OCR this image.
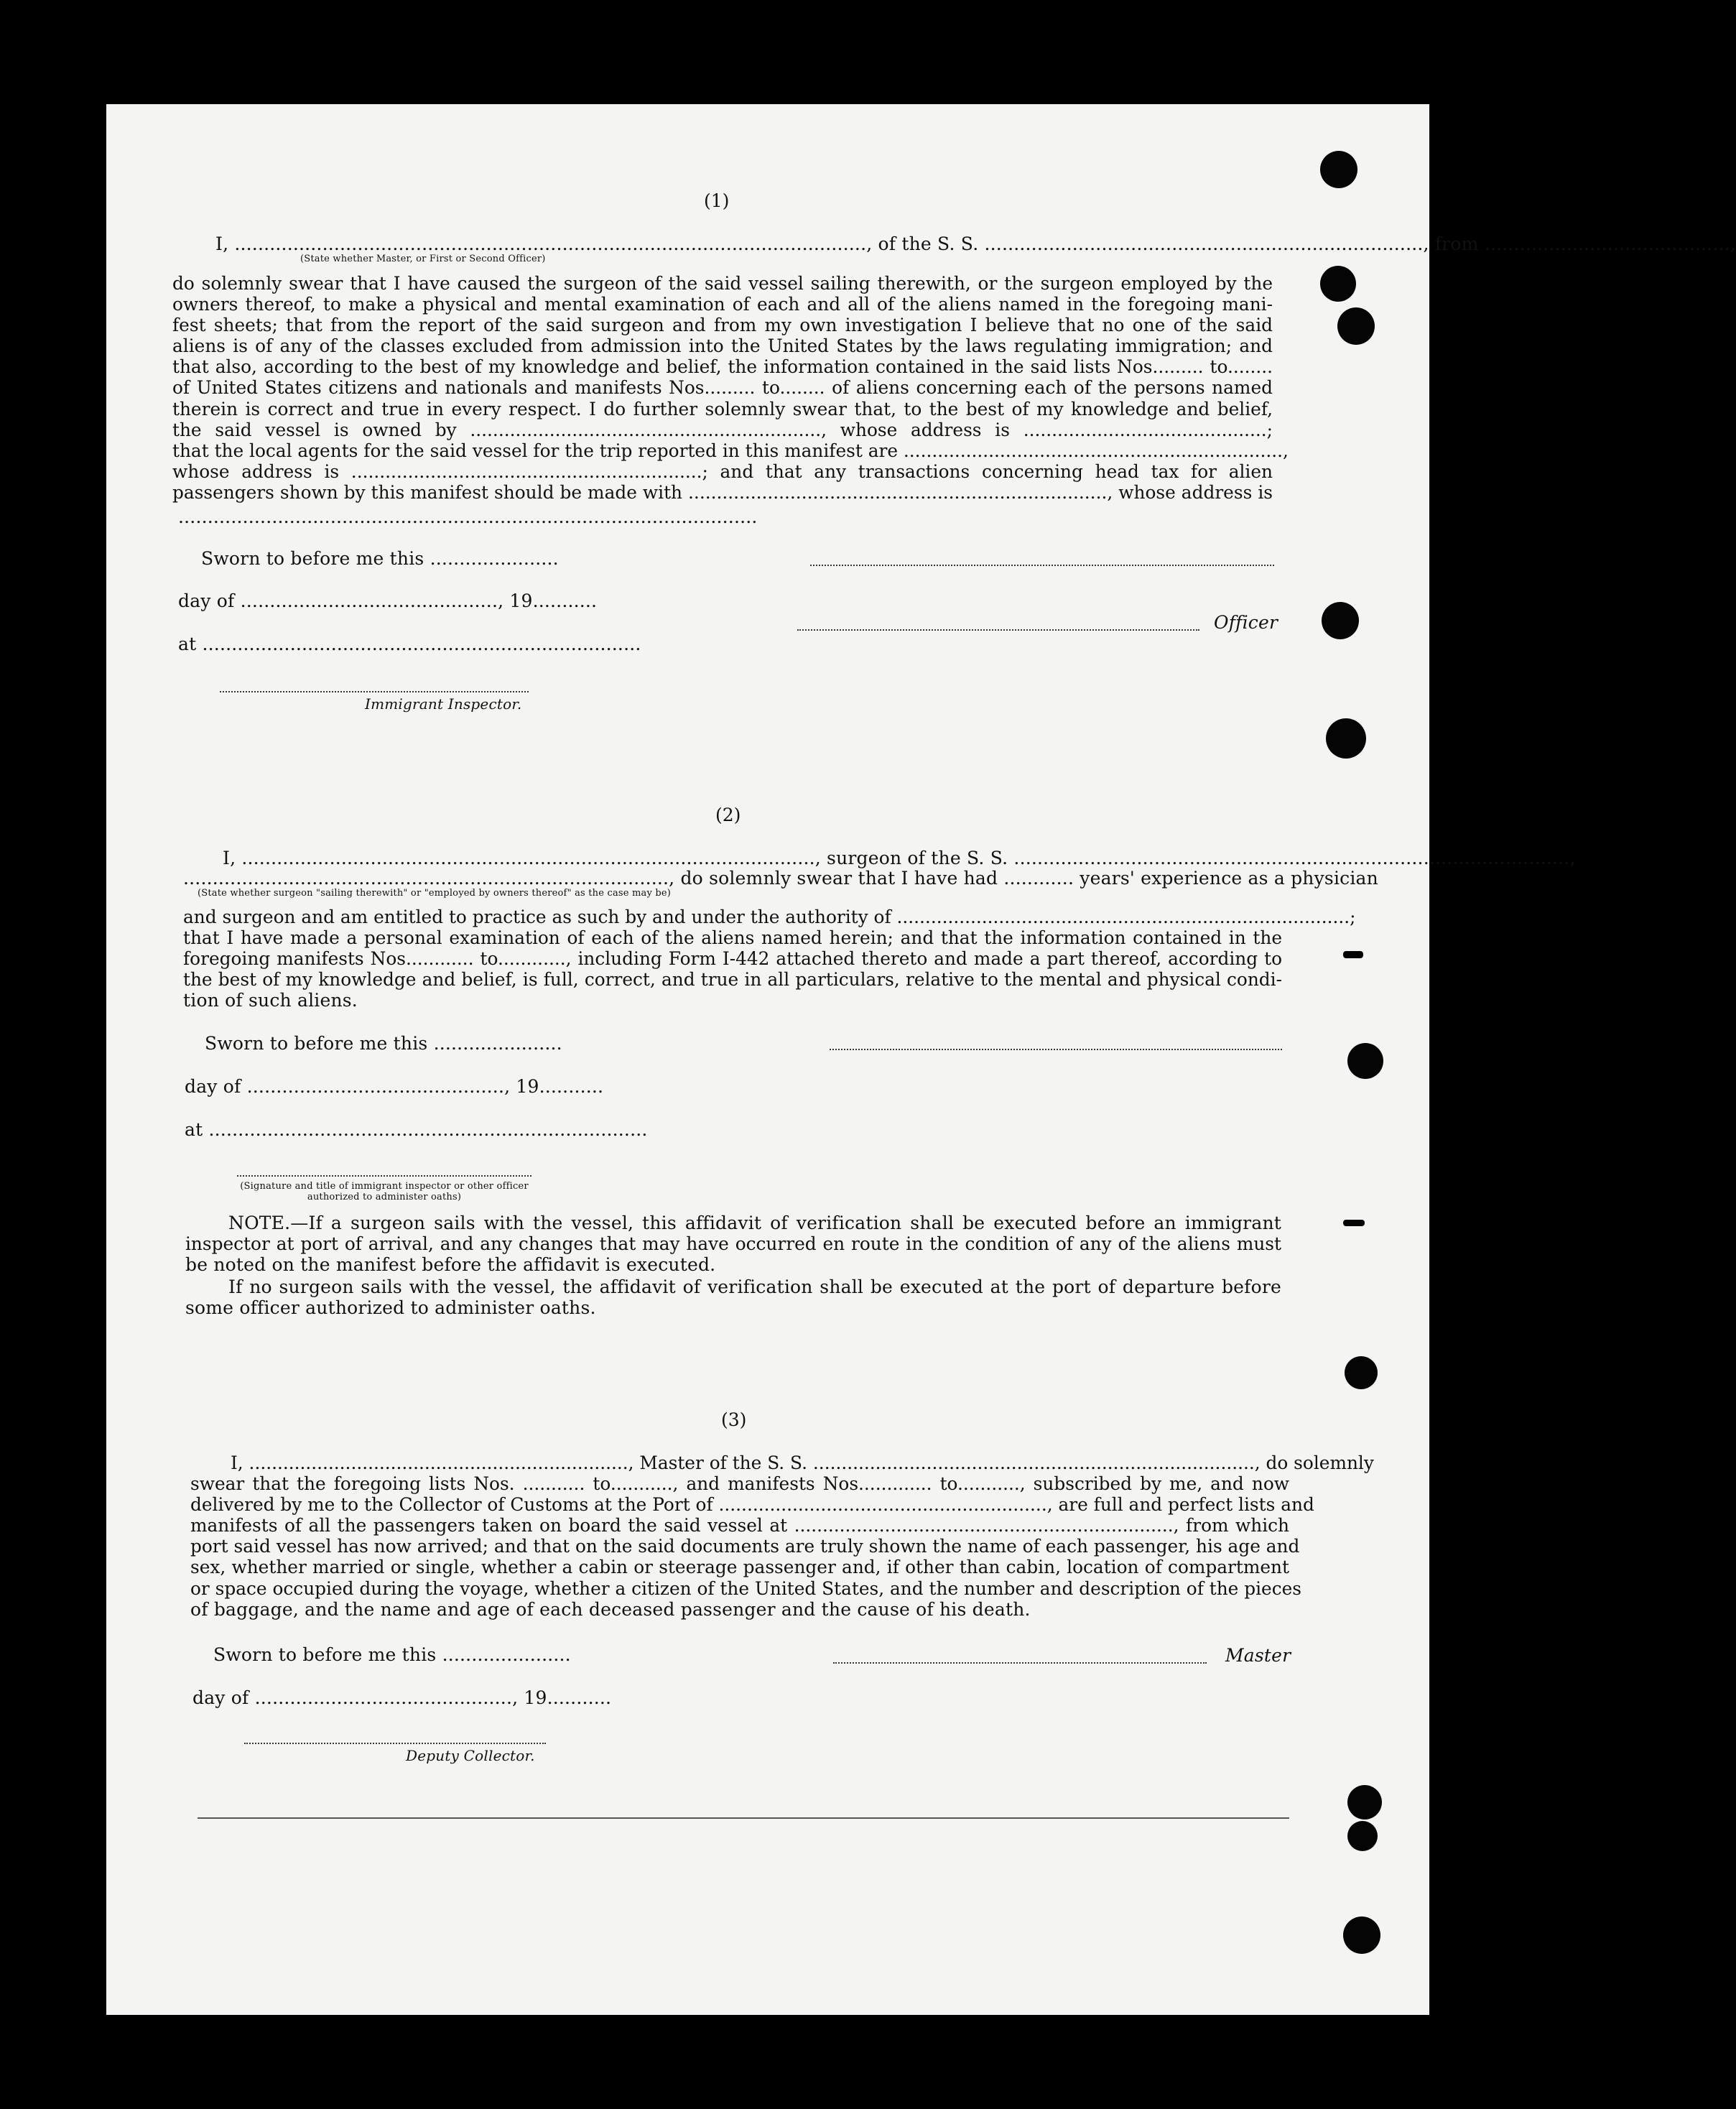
(1)
I, ............................................................................................................, of the S. S. ..........................................................................., from ..........................................,
(State whether Master, or First or Second Officer)
do solemnly swear that I have caused the surgeon of the said vessel sailing therewith, or the surgeon employed by the
owners thereof, to make a physical and mental examination of each and all of the aliens named in the foregoing mani-
fest sheets; that from the report of the said surgeon and from my own investigation I believe that no one of the said
aliens is of any of the classes excluded from admission into the United States by the laws regulating immigration; and
that also, according to the best of my knowledge and belief, the information contained in the said lists Nos......... to........
of United States citizens and nationals and manifests Nos......... to........ of aliens concerning each of the persons named
therein is correct and true in every respect. I do further solemnly swear that, to the best of my knowledge and belief,
the said vessel is owned by .............................................................., whose address is ...........................................;
that the local agents for the said vessel for the trip reported in this manifest are ...................................................................,
whose address is ..............................................................; and that any transactions concerning head tax for alien
passengers shown by this manifest should be made with .........................................................................., whose address is
...................................................................................................
Sworn to before me this ......................
day of ............................................, 19...........
Officer
at ...........................................................................
Immigrant Inspector.
(2)
I, .................................................................................................., surgeon of the S. S. ...............................................................................................,
..................................................................................., do solemnly swear that I have had ............ years' experience as a physician
(State whether surgeon "sailing therewith" or "employed by owners thereof" as the case may be)
and surgeon and am entitled to practice as such by and under the authority of ................................................................................;
that I have made a personal examination of each of the aliens named herein; and that the information contained in the
foregoing manifests Nos............ to............, including Form I-442 attached thereto and made a part thereof, according to
the best of my knowledge and belief, is full, correct, and true in all particulars, relative to the mental and physical condi-
tion of such aliens.
Sworn to before me this ......................
day of ............................................, 19...........
at ...........................................................................
(Signature and title of immigrant inspector or other officer authorized to administer oaths)
NOTE.—If a surgeon sails with the vessel, this affidavit of verification shall be executed before an immigrant
inspector at port of arrival, and any changes that may have occurred en route in the condition of any of the aliens must
be noted on the manifest before the affidavit is executed.
If no surgeon sails with the vessel, the affidavit of verification shall be executed at the port of departure before
some officer authorized to administer oaths.
(3)
I, ..................................................................., Master of the S. S. .............................................................................., do solemnly
swear that the foregoing lists Nos. ........... to..........., and manifests Nos............. to..........., subscribed by me, and now
delivered by me to the Collector of Customs at the Port of .........................................................., are full and perfect lists and
manifests of all the passengers taken on board the said vessel at ..................................................................., from which
port said vessel has now arrived; and that on the said documents are truly shown the name of each passenger, his age and
sex, whether married or single, whether a cabin or steerage passenger and, if other than cabin, location of compartment
or space occupied during the voyage, whether a citizen of the United States, and the number and description of the pieces
of baggage, and the name and age of each deceased passenger and the cause of his death.
Sworn to before me this ......................	Master
day of ............................................, 19...........
Deputy Collector.
